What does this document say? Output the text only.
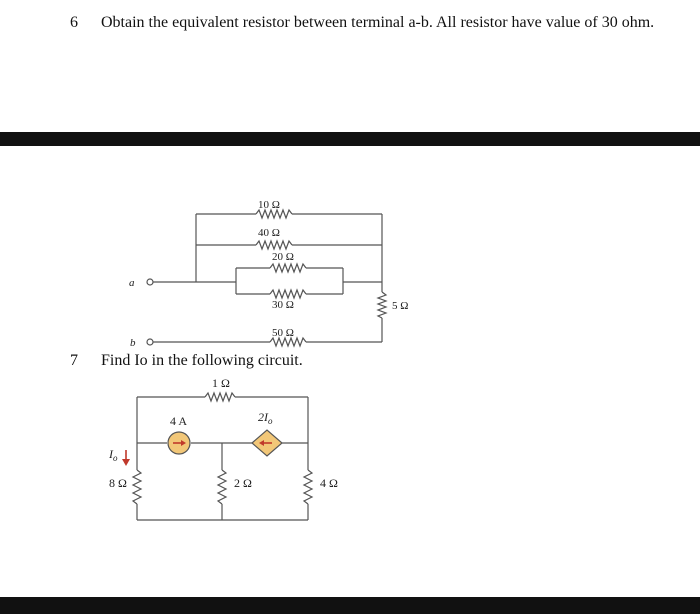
6 Obtain the equivalent resistor between terminal a-b. All resistor have value of 30 ohm.
7 Find Io in the following circuit.
10 Ω
40 Ω
20 Ω
30 Ω
50 Ω
5 Ω
a
b
1 Ω
8 Ω	2 Ω	4 Ω
4 A	$2I_o$
$I_o$
